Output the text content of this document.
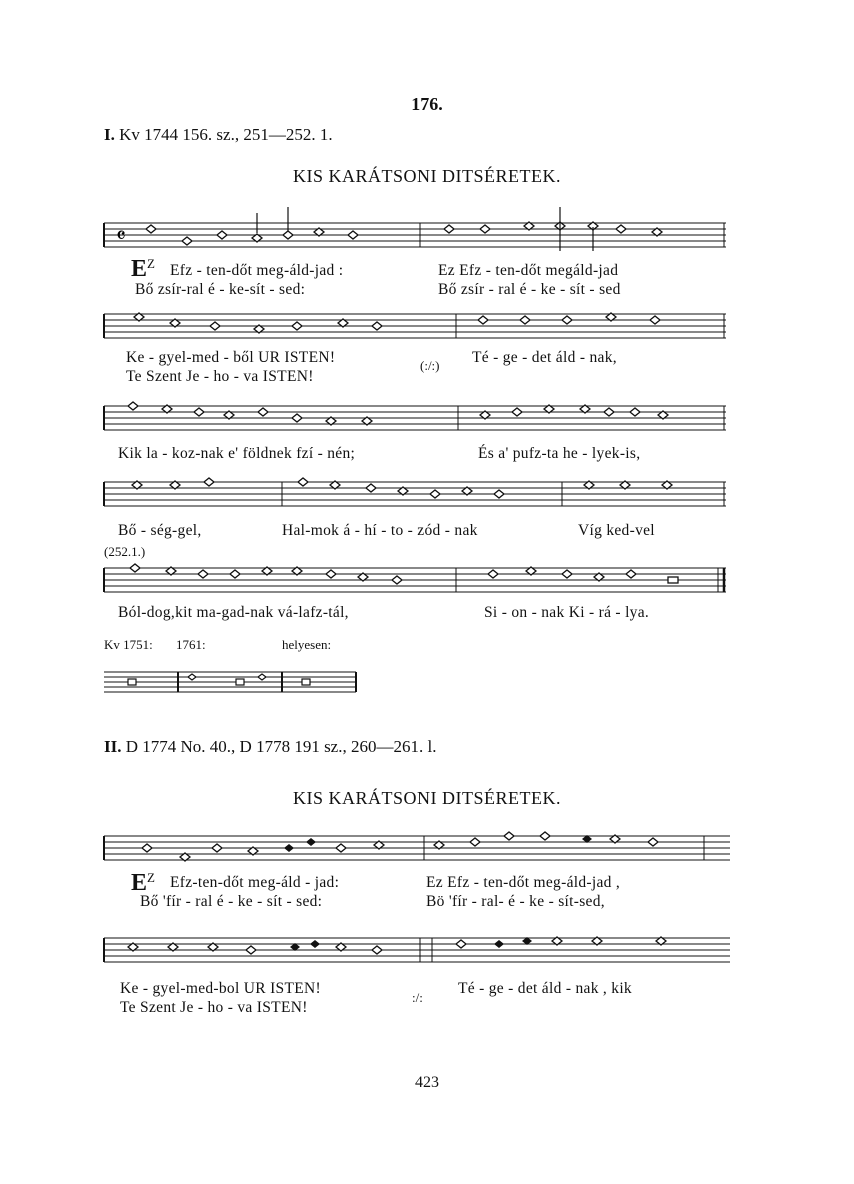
176.
I. Kv 1744 156. sz., 251—252. 1.
KIS KARÁTSONI DITSÉRETEK.
𝄴
$E^Z$ Efz - ten-dőt meg-áld-jad :	Ez Efz - ten-dőt megáld-jad
Bő zsír-ral é - ke-sít - sed:	Bő zsír - ral é - ke - sít - sed
Ke - gyel-med - ből UR ISTEN!	Té - ge - det áld - nak,
Te Szent Je - ho - va ISTEN!
(:/:)
Kik la - koz-nak e' földnek fzí - nén;	És a' pufz-ta he - lyek-is,
Bő - ség-gel,	Hal-mok á - hí - to - zód - nak	Víg ked-vel
(252.1.)
Ból-dog,kit ma-gad-nak vá-lafz-tál,	Si - on - nak Ki - rá - lya.
Kv 1751: 1761:	helyesen:
II. D 1774 No. 40., D 1778 191 sz., 260—261. l.
KIS KARÁTSONI DITSÉRETEK.
$E^Z$ Efz-ten-dőt meg-áld - jad:	Ez Efz - ten-dőt meg-áld-jad ,
Bő 'fír - ral é - ke - sít - sed:	Bö 'fír - ral- é - ke - sít-sed,
Ke - gyel-med-bol UR ISTEN!	Té - ge - det áld - nak , kik
Te Szent Je - ho - va ISTEN!
:/:
423
